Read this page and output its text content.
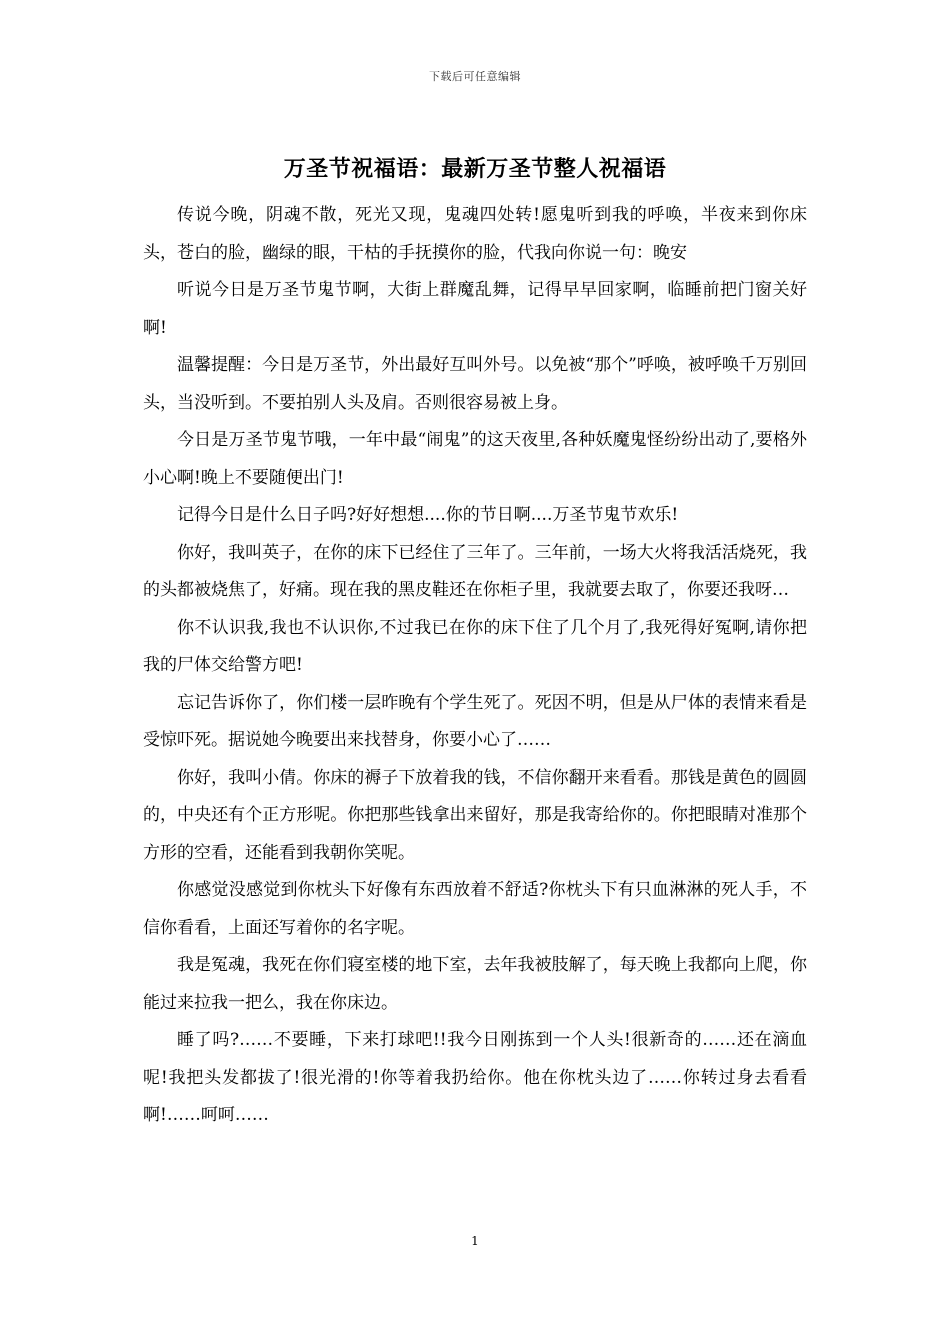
下载后可任意编辑
万圣节祝福语：最新万圣节整人祝福语

传说今晚，阴魂不散，死光又现，鬼魂四处转!愿鬼听到我的呼唤，半夜来到你床头，苍白的脸，幽绿的眼，干枯的手抚摸你的脸，代我向你说一句：晚安

听说今日是万圣节鬼节啊，大街上群魔乱舞，记得早早回家啊，临睡前把门窗关好啊!

温馨提醒：今日是万圣节，外出最好互叫外号。以免被“那个”呼唤，被呼唤千万别回头，当没听到。不要拍别人头及肩。否则很容易被上身。

今日是万圣节鬼节哦，一年中最“闹鬼”的这天夜里,各种妖魔鬼怪纷纷出动了,要格外小心啊!晚上不要随便出门!

记得今日是什么日子吗?好好想想....你的节日啊....万圣节鬼节欢乐!

你好，我叫英子，在你的床下已经住了三年了。三年前，一场大火将我活活烧死，我的头都被烧焦了，好痛。现在我的黑皮鞋还在你柜子里，我就要去取了，你要还我呀…

你不认识我,我也不认识你,不过我已在你的床下住了几个月了,我死得好冤啊,请你把我的尸体交给警方吧!

忘记告诉你了，你们楼一层昨晚有个学生死了。死因不明，但是从尸体的表情来看是受惊吓死。据说她今晚要出来找替身，你要小心了……

你好，我叫小倩。你床的褥子下放着我的钱，不信你翻开来看看。那钱是黄色的圆圆的，中央还有个正方形呢。你把那些钱拿出来留好，那是我寄给你的。你把眼睛对准那个方形的空看，还能看到我朝你笑呢。

你感觉没感觉到你枕头下好像有东西放着不舒适?你枕头下有只血淋淋的死人手，不信你看看，上面还写着你的名字呢。

我是冤魂，我死在你们寝室楼的地下室，去年我被肢解了，每天晚上我都向上爬，你能过来拉我一把么，我在你床边。

睡了吗?……不要睡，下来打球吧!!我今日刚拣到一个人头!很新奇的……还在滴血呢!我把头发都拔了!很光滑的!你等着我扔给你。他在你枕头边了……你转过身去看看啊!……呵呵……

1
